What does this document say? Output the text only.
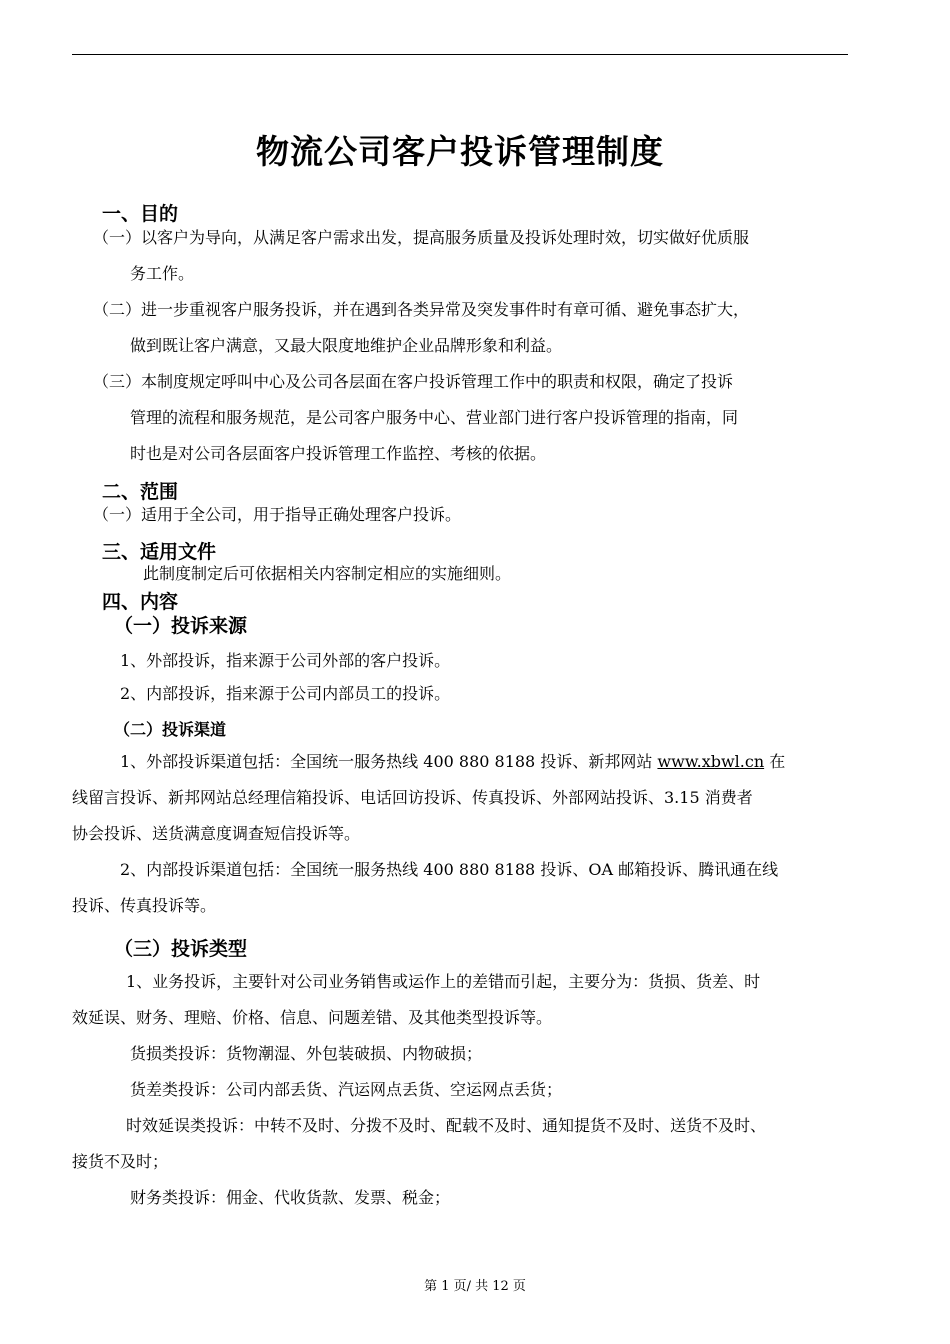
物流公司客户投诉管理制度
一、目的
（一）以客户为导向，从满足客户需求出发，提高服务质量及投诉处理时效，切实做好优质服
务工作。
（二）进一步重视客户服务投诉，并在遇到各类异常及突发事件时有章可循、避免事态扩大，
做到既让客户满意，又最大限度地维护企业品牌形象和利益。
（三）本制度规定呼叫中心及公司各层面在客户投诉管理工作中的职责和权限，确定了投诉
管理的流程和服务规范，是公司客户服务中心、营业部门进行客户投诉管理的指南，同
时也是对公司各层面客户投诉管理工作监控、考核的依据。
二、范围
（一）适用于全公司，用于指导正确处理客户投诉。
三、适用文件
此制度制定后可依据相关内容制定相应的实施细则。
四、内容
（一）投诉来源
1、外部投诉，指来源于公司外部的客户投诉。
2、内部投诉，指来源于公司内部员工的投诉。
（二）投诉渠道
1、外部投诉渠道包括：全国统一服务热线 400 880 8188 投诉、新邦网站 www.xbwl.cn 在
线留言投诉、新邦网站总经理信箱投诉、电话回访投诉、传真投诉、外部网站投诉、3.15 消费者
协会投诉、送货满意度调查短信投诉等。
2、内部投诉渠道包括：全国统一服务热线 400 880 8188 投诉、OA 邮箱投诉、腾讯通在线
投诉、传真投诉等。
（三）投诉类型
1、业务投诉，主要针对公司业务销售或运作上的差错而引起，主要分为：货损、货差、时
效延误、财务、理赔、价格、信息、问题差错、及其他类型投诉等。
货损类投诉：货物潮湿、外包装破损、内物破损；
货差类投诉：公司内部丢货、汽运网点丢货、空运网点丢货；
时效延误类投诉：中转不及时、分拨不及时、配载不及时、通知提货不及时、送货不及时、
接货不及时；
财务类投诉：佣金、代收货款、发票、税金；
第 1 页/ 共 12 页
